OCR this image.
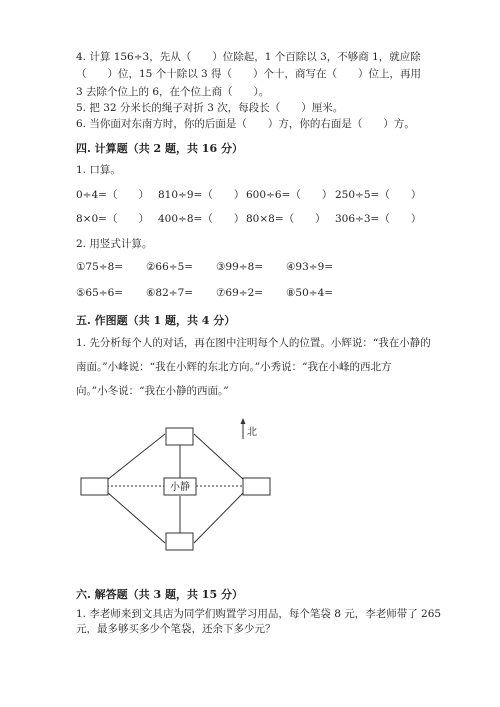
4. 计算 156÷3，先从（　　）位除起，1 个百除以 3，不够商 1，就应除
（　　）位，15 个十除以 3 得（　　）个十，商写在（　　）位上，再用
3 去除个位上的 6，在个位上商（　　）。
5. 把 32 分米长的绳子对折 3 次，每段长（　　）厘米。
6. 当你面对东南方时，你的后面是（　　）方，你的右面是（　　）方。
四. 计算题（共 2 题，共 16 分）
1. 口算。
0÷4=（　　） 810÷9=（　　） 600÷6=（　　） 250÷5=（　　）
8×0=（　　） 400÷8=（　　） 80×8=（　　） 306÷3=（　　）
2. 用竖式计算。
①75÷8= ②66÷5= ③99÷8= ④93÷9=
⑤65÷6= ⑥82÷7= ⑦69÷2= ⑧50÷4=
五. 作图题（共 1 题，共 4 分）
1. 先分析每个人的对话，再在图中注明每个人的位置。小辉说：“我在小静的
南面。”小峰说：“我在小辉的东北方向。”小秀说：“我在小峰的西北方
向。”小冬说：“我在小静的西面。”
小静
北
六. 解答题（共 3 题，共 15 分）
1. 李老师来到文具店为同学们购置学习用品，每个笔袋 8 元，李老师带了 265
元，最多够买多少个笔袋，还余下多少元？
